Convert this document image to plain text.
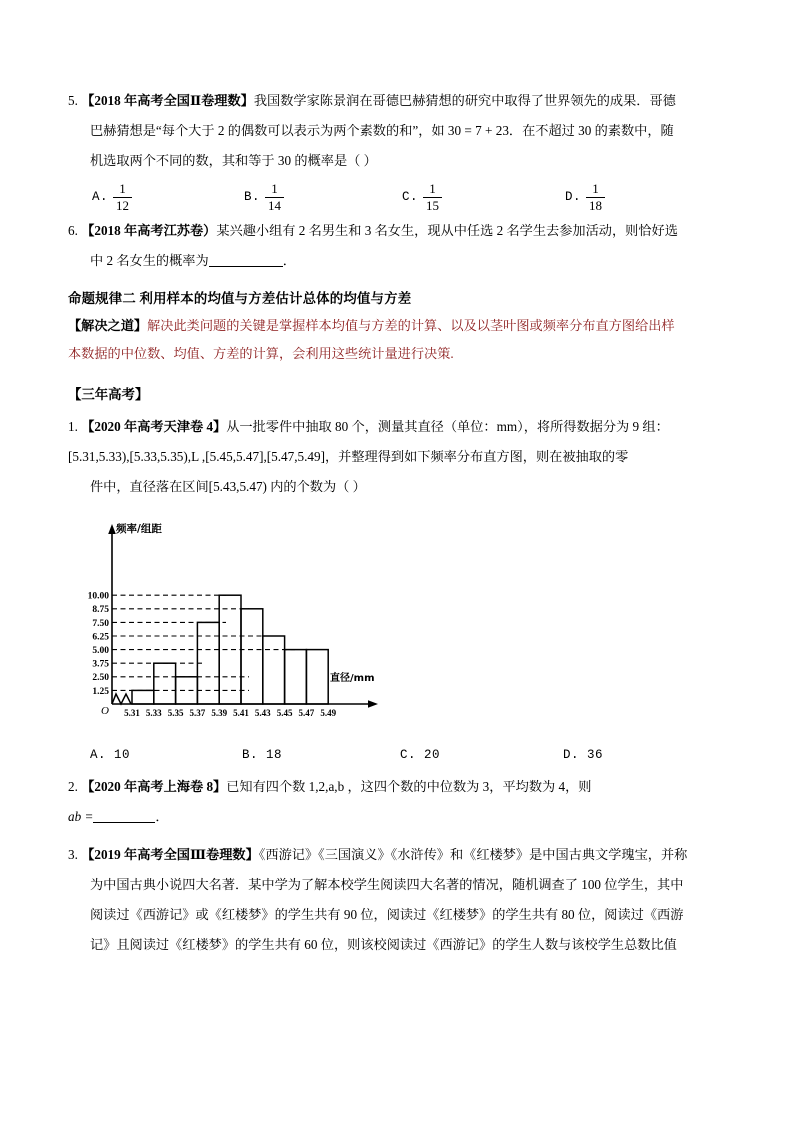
5. 【2018 年高考全国Ⅱ卷理数】我国数学家陈景润在哥德巴赫猜想的研究中取得了世界领先的成果．哥德
巴赫猜想是“每个大于 2 的偶数可以表示为两个素数的和”，如 30 = 7 + 23．在不超过 30 的素数中，随
机选取两个不同的数，其和等于 30 的概率是（ ）
A. $\frac{1}{12}$	B. $\frac{1}{14}$	C. $\frac{1}{15}$	D. $\frac{1}{18}$
6. 【2018 年高考江苏卷）某兴趣小组有 2 名男生和 3 名女生，现从中任选 2 名学生去参加活动，则恰好选
中 2 名女生的概率为	．
命题规律二 利用样本的均值与方差估计总体的均值与方差
【解决之道】解决此类问题的关键是掌握样本均值与方差的计算、以及以茎叶图或频率分布直方图给出样
本数据的中位数、均值、方差的计算，会利用这些统计量进行决策.
【三年高考】
1. 【2020 年高考天津卷 4】从一批零件中抽取 80 个，测量其直径（单位：mm），将所得数据分为 9 组：
[5.31,5.33),[5.33,5.35),L ,[5.45,5.47],[5.47,5.49]，并整理得到如下频率分布直方图，则在被抽取的零
件中，直径落在区间[5.43,5.47) 内的个数为（ ）
频率/组距
直径/mm
O
1.25
2.50
3.75
5.00
6.25
7.50
8.75
10.00
5.31 5.33 5.35 5.37 5.39 5.41 5.43 5.45 5.47 5.49
A.
10	B.
18	C.
20	D.
36
2. 【2020 年高考上海卷 8】已知有四个数 1,2,a,b ，这四个数的中位数为 3，平均数为 4，则
ab =	．
3. 【2019 年高考全国Ⅲ卷理数】《西游记》《三国演义》《水浒传》和《红楼梦》是中国古典文学瑰宝，并称
为中国古典小说四大名著．某中学为了解本校学生阅读四大名著的情况，随机调查了 100 位学生，其中
阅读过《西游记》或《红楼梦》的学生共有 90 位，阅读过《红楼梦》的学生共有 80 位，阅读过《西游
记》且阅读过《红楼梦》的学生共有 60 位，则该校阅读过《西游记》的学生人数与该校学生总数比值
